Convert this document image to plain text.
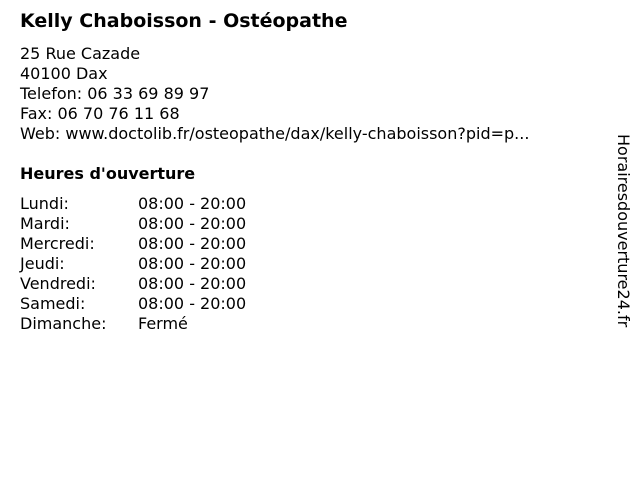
Kelly Chaboisson - Ostéopathe
25 Rue Cazade
40100 Dax
Telefon: 06 33 69 89 97
Fax: 06 70 76 11 68
Web: www.doctolib.fr/osteopathe/dax/kelly-chaboisson?pid=p...
Heures d'ouverture
Lundi:	08:00 - 20:00
Mardi:	08:00 - 20:00
Mercredi:	08:00 - 20:00
Jeudi:	08:00 - 20:00
Vendredi:	08:00 - 20:00
Samedi:	08:00 - 20:00
Dimanche:	Fermé	Horairesdouverture24.fr
